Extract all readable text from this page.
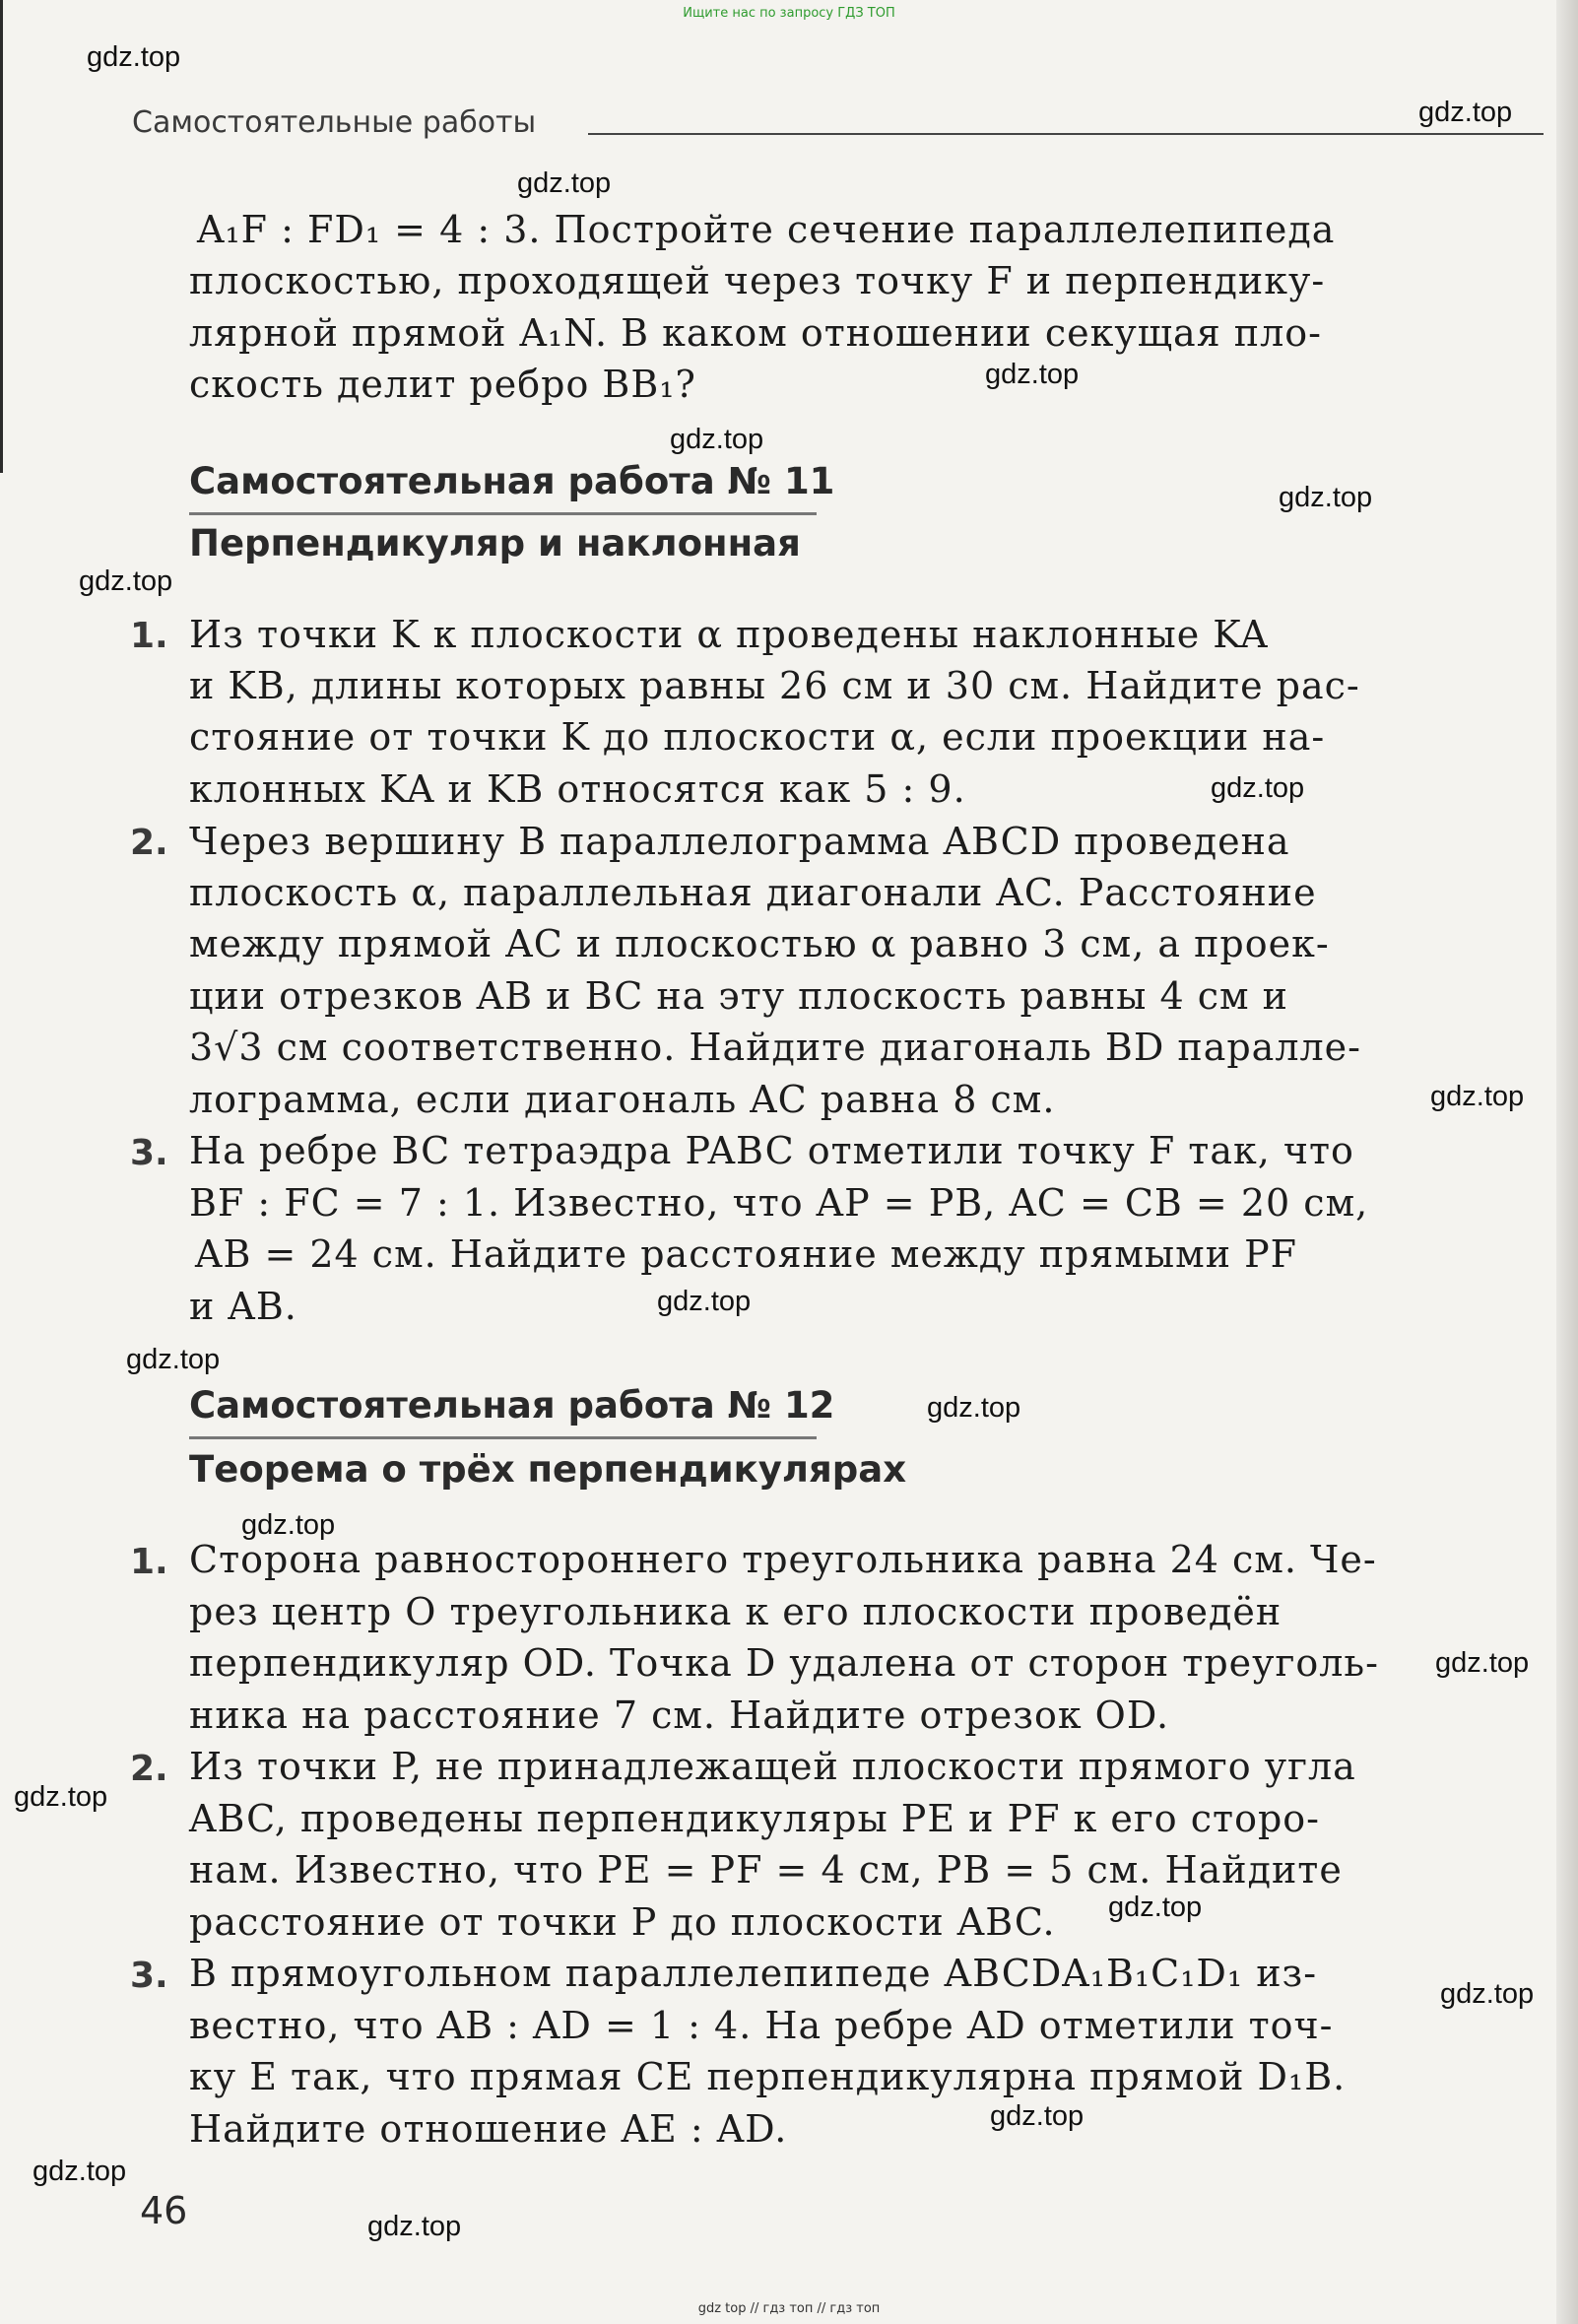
Ищите нас по запросу ГДЗ ТОП
Самостоятельные работы
A₁F : FD₁ = 4 : 3. Постройте сечение параллелепипеда
плоскостью, проходящей через точку F и перпендику-
лярной прямой A₁N. В каком отношении секущая пло-
скость делит ребро BB₁?
Самостоятельная работа № 11
Перпендикуляр и наклонная
1. Из точки K к плоскости α проведены наклонные KA
и KB, длины которых равны 26 см и 30 см. Найдите рас-
стояние от точки K до плоскости α, если проекции на-
клонных KA и KB относятся как 5 : 9.
2. Через вершину B параллелограмма ABCD проведена
плоскость α, параллельная диагонали AC. Расстояние
между прямой AC и плоскостью α равно 3 см, а проек-
ции отрезков AB и BC на эту плоскость равны 4 см и
3√3 см соответственно. Найдите диагональ BD паралле-
лограмма, если диагональ AC равна 8 см.
3. На ребре BC тетраэдра PABC отметили точку F так, что
BF : FC = 7 : 1. Известно, что AP = PB, AC = CB = 20 см,
AB = 24 см. Найдите расстояние между прямыми PF
и AB.
Самостоятельная работа № 12
Теорема о трёх перпендикулярах
1. Сторона равностороннего треугольника равна 24 см. Че-
рез центр O треугольника к его плоскости проведён
перпендикуляр OD. Точка D удалена от сторон треуголь-
ника на расстояние 7 см. Найдите отрезок OD.
2. Из точки P, не принадлежащей плоскости прямого угла
ABC, проведены перпендикуляры PE и PF к его сторо-
нам. Известно, что PE = PF = 4 см, PB = 5 см. Найдите
расстояние от точки P до плоскости ABC.
3. В прямоугольном параллелепипеде ABCDA₁B₁C₁D₁ из-
вестно, что AB : AD = 1 : 4. На ребре AD отметили точ-
ку E так, что прямая CE перпендикулярна прямой D₁B.
Найдите отношение AE : AD.
46
gdz.top
gdz.top
gdz.top
gdz.top
gdz.top
gdz.top
gdz.top
gdz.top
gdz.top
gdz.top
gdz.top
gdz.top
gdz.top
gdz.top
gdz.top
gdz.top
gdz.top
gdz.top
gdz.top
gdz.top
gdz top // гдз топ // гдз топ
